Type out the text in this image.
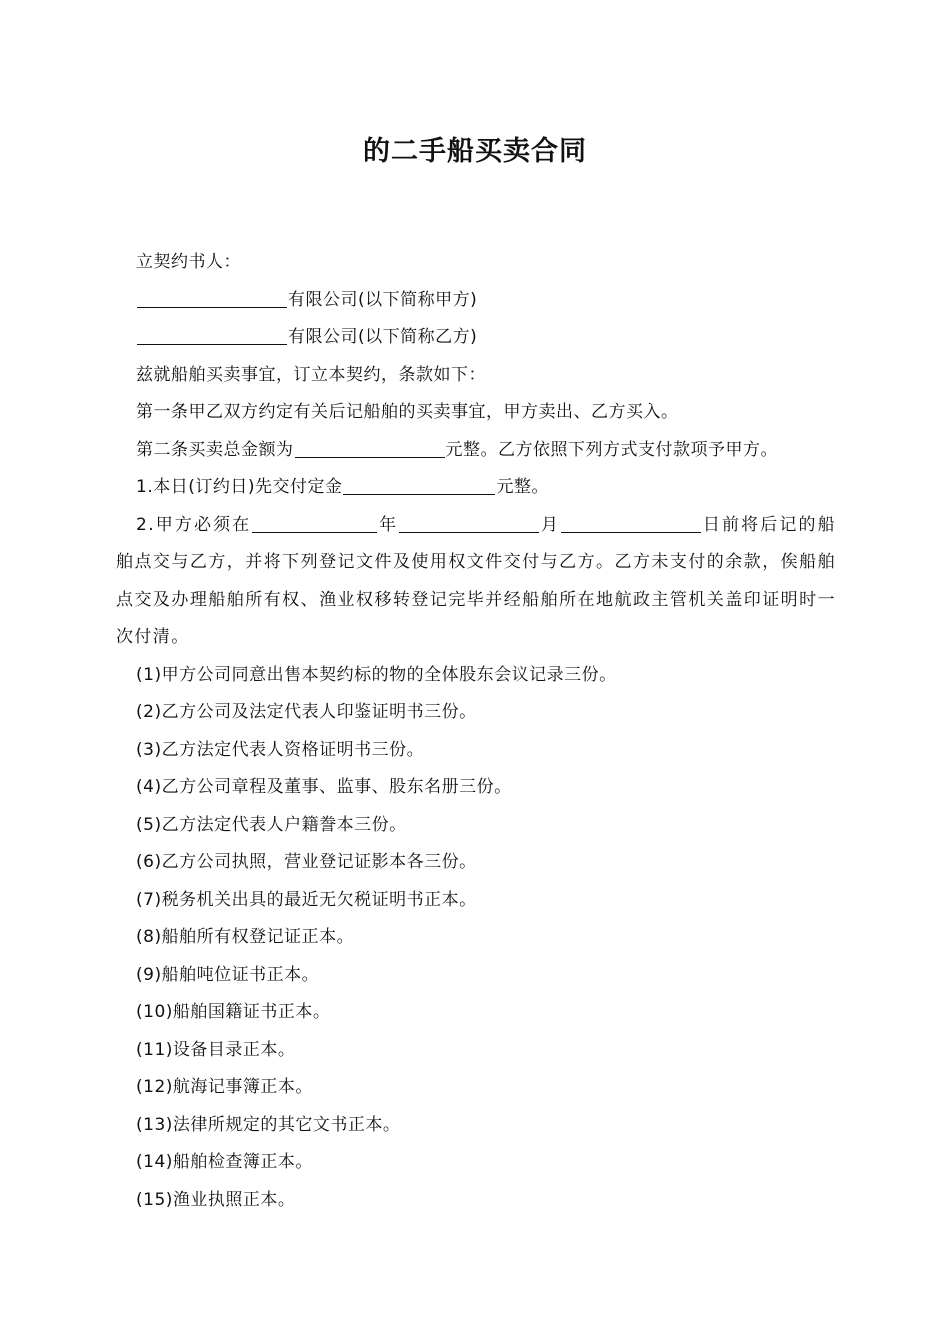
的二手船买卖合同
立契约书人：
有限公司(以下简称甲方)
有限公司(以下简称乙方)
兹就船舶买卖事宜，订立本契约，条款如下：
第一条甲乙双方约定有关后记船舶的买卖事宜，甲方卖出、乙方买入。
第二条买卖总金额为	元整。乙方依照下列方式支付款项予甲方。
1.本日(订约日)先交付定金	元整。
2.甲方必须在	年	月	日前将后记的船舶点交与乙方，并将下列登记文件及使用权文件交付与乙方。乙方未支付的余款，俟船舶点交及办理船舶所有权、渔业权移转登记完毕并经船舶所在地航政主管机关盖印证明时一次付清。
(1)甲方公司同意出售本契约标的物的全体股东会议记录三份。
(2)乙方公司及法定代表人印鉴证明书三份。
(3)乙方法定代表人资格证明书三份。
(4)乙方公司章程及董事、监事、股东名册三份。
(5)乙方法定代表人户籍誊本三份。
(6)乙方公司执照，营业登记证影本各三份。
(7)税务机关出具的最近无欠税证明书正本。
(8)船舶所有权登记证正本。
(9)船舶吨位证书正本。
(10)船舶国籍证书正本。
(11)设备目录正本。
(12)航海记事簿正本。
(13)法律所规定的其它文书正本。
(14)船舶检查簿正本。
(15)渔业执照正本。
